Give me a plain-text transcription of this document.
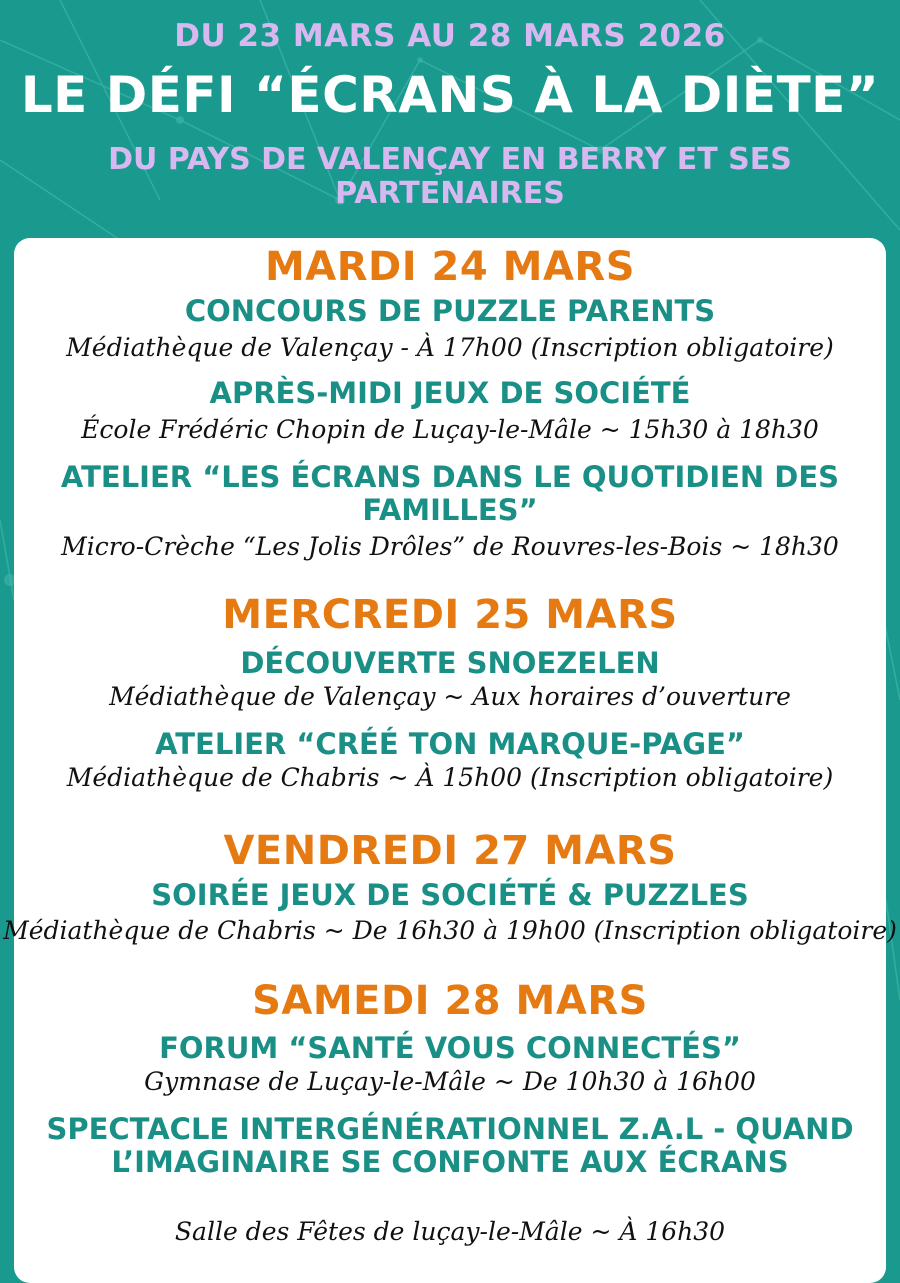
DU 23 MARS AU 28 MARS 2026
LE DÉFI “ÉCRANS À LA DIÈTE”
DU PAYS DE VALENÇAY EN BERRY ET SES PARTENAIRES
MARDI 24 MARS
CONCOURS DE PUZZLE PARENTS
Médiathèque de Valençay - À 17h00 (Inscription obligatoire)
APRÈS-MIDI JEUX DE SOCIÉTÉ
École Frédéric Chopin de Luçay-le-Mâle ~ 15h30 à 18h30
ATELIER “LES ÉCRANS DANS LE QUOTIDIEN DES FAMILLES”
Micro-Crèche “Les Jolis Drôles” de Rouvres-les-Bois ~ 18h30
MERCREDI 25 MARS
DÉCOUVERTE SNOEZELEN
Médiathèque de Valençay ~ Aux horaires d’ouverture
ATELIER “CRÉÉ TON MARQUE-PAGE”
Médiathèque de Chabris ~ À 15h00 (Inscription obligatoire)
VENDREDI 27 MARS
SOIRÉE JEUX DE SOCIÉTÉ & PUZZLES
Médiathèque de Chabris ~ De 16h30 à 19h00 (Inscription obligatoire)
SAMEDI 28 MARS
FORUM “SANTÉ VOUS CONNECTÉS”
Gymnase de Luçay-le-Mâle ~ De 10h30 à 16h00
SPECTACLE INTERGÉNÉRATIONNEL Z.A.L - QUAND L’IMAGINAIRE SE CONFONTE AUX ÉCRANS
Salle des Fêtes de luçay-le-Mâle ~ À 16h30
